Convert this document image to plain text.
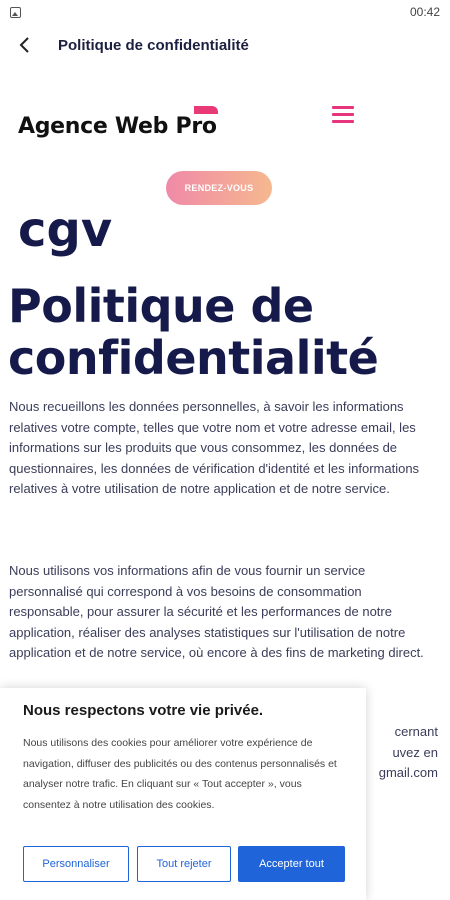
00:42
Politique de confidentialité
Agence Web Pro
RENDEZ-VOUS
cgv
Politique de confidentialité

Nous recueillons les données personnelles, à savoir les informations relatives votre compte, telles que votre nom et votre adresse email, les informations sur les produits que vous consommez, les données de questionnaires, les données de vérification d'identité et les informations relatives à votre utilisation de notre application et de notre service.

Nous utilisons vos informations afin de vous fournir un service personnalisé qui correspond à vos besoins de consommation responsable, pour assurer la sécurité et les performances de notre application, réaliser des analyses statistiques sur l'utilisation de notre application et de notre service, où encore à des fins de marketing direct.

cernant
uvez en
gmail.com
Nous respectons votre vie privée.

Nous utilisons des cookies pour améliorer votre expérience de navigation, diffuser des publicités ou des contenus personnalisés et analyser notre trafic. En cliquant sur « Tout accepter », vous consentez à notre utilisation des cookies.

Personnaliser	Tout rejeter	Accepter tout
